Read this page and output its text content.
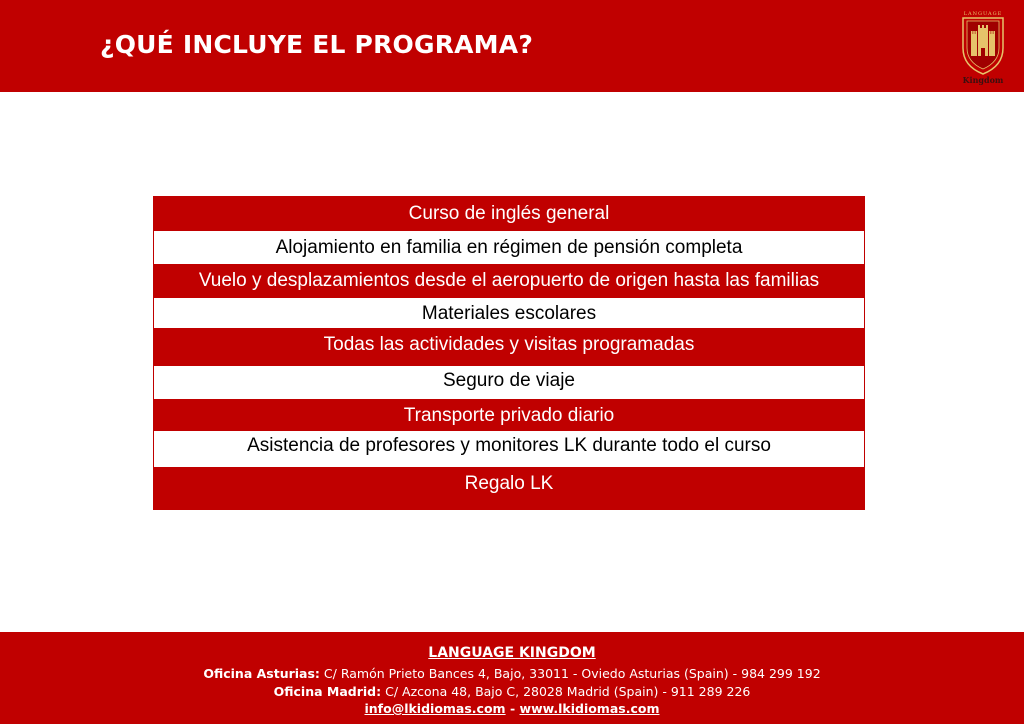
¿QUÉ INCLUYE EL PROGRAMA?
LANGUAGE
Kingdom
Curso de inglés general
Alojamiento en familia en régimen de pensión completa
Vuelo y desplazamientos desde el aeropuerto de origen hasta las familias
Materiales escolares
Todas las actividades y visitas programadas
Seguro de viaje
Transporte privado diario
Asistencia de profesores y monitores LK durante todo el curso
Regalo LK
LANGUAGE KINGDOM
Oficina Asturias: C/ Ramón Prieto Bances 4, Bajo, 33011 - Oviedo Asturias (Spain) - 984 299 192
Oficina Madrid: C/ Azcona 48, Bajo C, 28028 Madrid (Spain) - 911 289 226
info@lkidiomas.com - www.lkidiomas.com
